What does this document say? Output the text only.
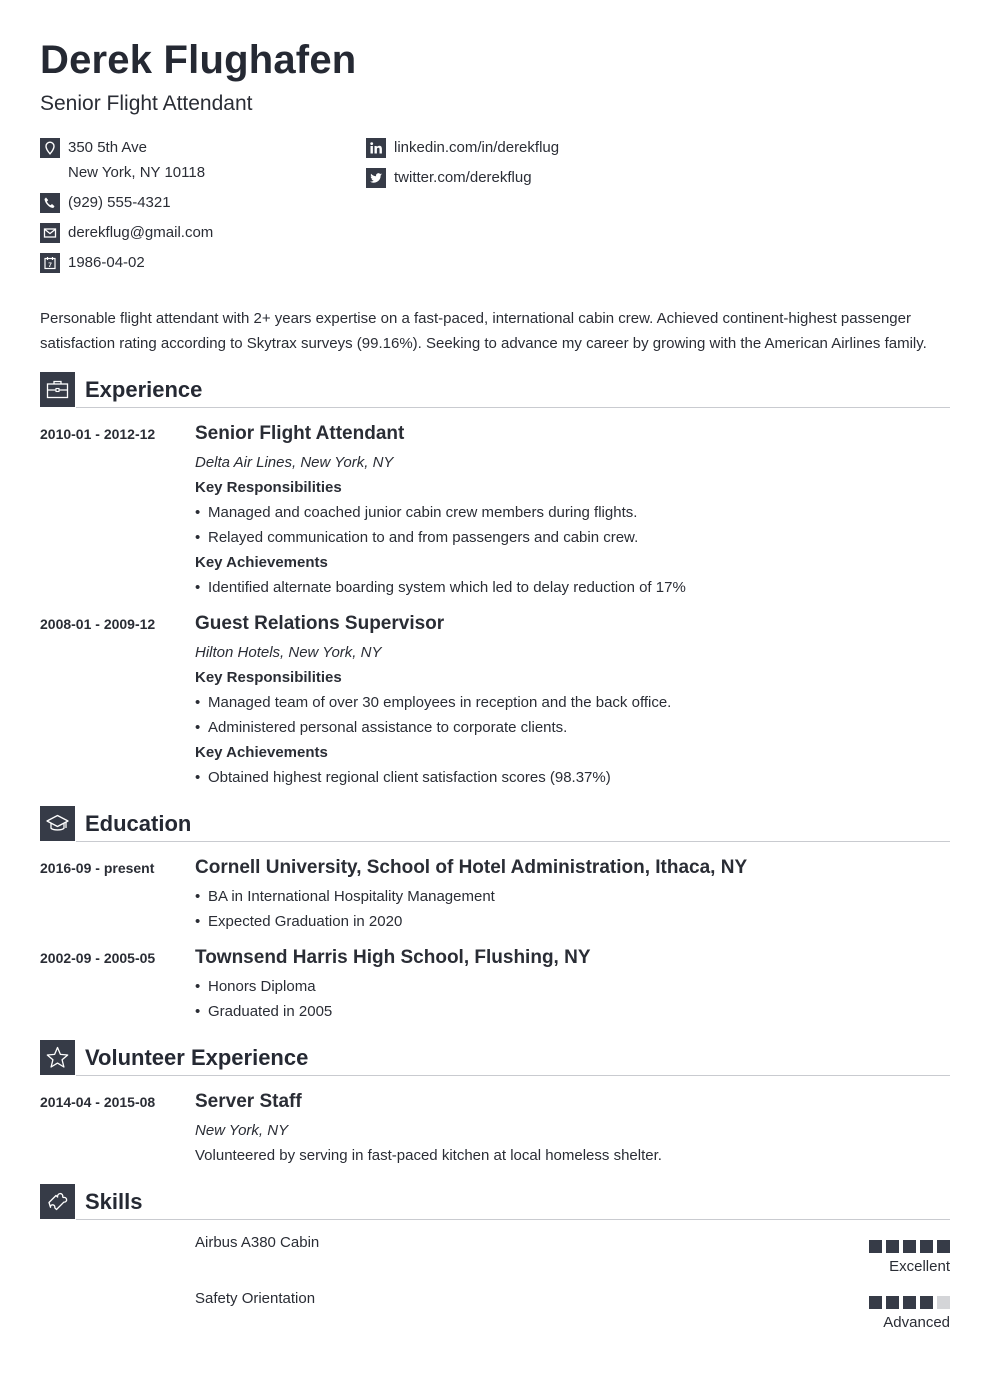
Derek Flughafen
Senior Flight Attendant
350 5th Ave
New York, NY 10118
(929) 555-4321
derekflug@gmail.com
7 1986-04-02
linkedin.com/in/derekflug
twitter.com/derekflug
Personable flight attendant with 2+ years expertise on a fast-paced, international cabin crew. Achieved continent-highest passenger satisfaction rating according to Skytrax surveys (99.16%). Seeking to advance my career by growing with the American Airlines family.
Experience
2010-01 - 2012-12 Senior Flight Attendant
Delta Air Lines, New York, NY
Key Responsibilities
• Managed and coached junior cabin crew members during flights.
• Relayed communication to and from passengers and cabin crew.
Key Achievements
• Identified alternate boarding system which led to delay reduction of 17%
2008-01 - 2009-12 Guest Relations Supervisor
Hilton Hotels, New York, NY
Key Responsibilities
• Managed team of over 30 employees in reception and the back office.
• Administered personal assistance to corporate clients.
Key Achievements
• Obtained highest regional client satisfaction scores (98.37%)
Education
2016-09 - present Cornell University, School of Hotel Administration, Ithaca, NY
• BA in International Hospitality Management
• Expected Graduation in 2020
2002-09 - 2005-05 Townsend Harris High School, Flushing, NY
• Honors Diploma
• Graduated in 2005
Volunteer Experience
2014-04 - 2015-08 Server Staff
New York, NY
Volunteered by serving in fast-paced kitchen at local homeless shelter.
Skills
Airbus A380 Cabin
Excellent
Safety Orientation
Advanced
